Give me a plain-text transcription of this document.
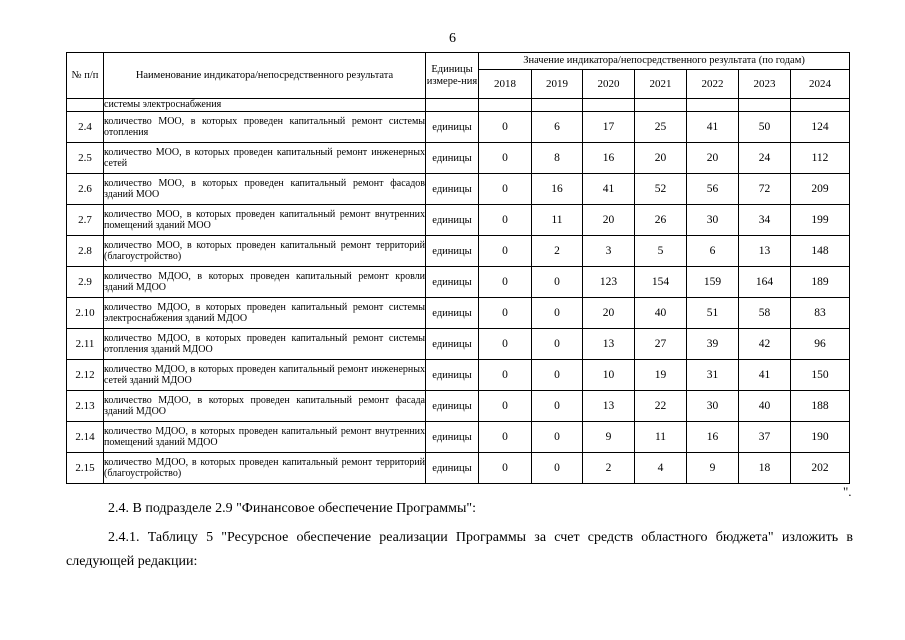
6
№ п/п	Наименование индикатора/непосредственного результата	Единицы измере-ния	Значение индикатора/непосредственного результата (по годам)						
			2018	2019	2020	2021	2022	2023	2024
	системы электроснабжения								
2.4	количество МОО, в которых проведен капитальный ремонт системы отопления	единицы	0	6	17	25	41	50	124
2.5	количество МОО, в которых проведен капитальный ремонт инженерных сетей	единицы	0	8	16	20	20	24	112
2.6	количество МОО, в которых проведен капитальный ремонт фасадов зданий МОО	единицы	0	16	41	52	56	72	209
2.7	количество МОО, в которых проведен капитальный ремонт внутренних помещений зданий МОО	единицы	0	11	20	26	30	34	199
2.8	количество МОО, в которых проведен капитальный ремонт территорий (благоустройство)	единицы	0	2	3	5	6	13	148
2.9	количество МДОО, в которых проведен капитальный ремонт кровли зданий МДОО	единицы	0	0	123	154	159	164	189
2.10	количество МДОО, в которых проведен капитальный ремонт системы электроснабжения зданий МДОО	единицы	0	0	20	40	51	58	83
2.11	количество МДОО, в которых проведен капитальный ремонт системы отопления зданий МДОО	единицы	0	0	13	27	39	42	96
2.12	количество МДОО, в которых проведен капитальный ремонт инженерных сетей зданий МДОО	единицы	0	0	10	19	31	41	150
2.13	количество МДОО, в которых проведен капитальный ремонт фасада зданий МДОО	единицы	0	0	13	22	30	40	188
2.14	количество МДОО, в которых проведен капитальный ремонт внутренних помещений зданий МДОО	единицы	0	0	9	11	16	37	190
2.15	количество МДОО, в которых проведен капитальный ремонт территорий (благоустройство)	единицы	0	0	2	4	9	18	202
".
2.4. В подразделе 2.9 "Финансовое обеспечение Программы":
2.4.1. Таблицу 5 "Ресурсное обеспечение реализации Программы за счет средств областного бюджета" изложить в
следующей редакции:
